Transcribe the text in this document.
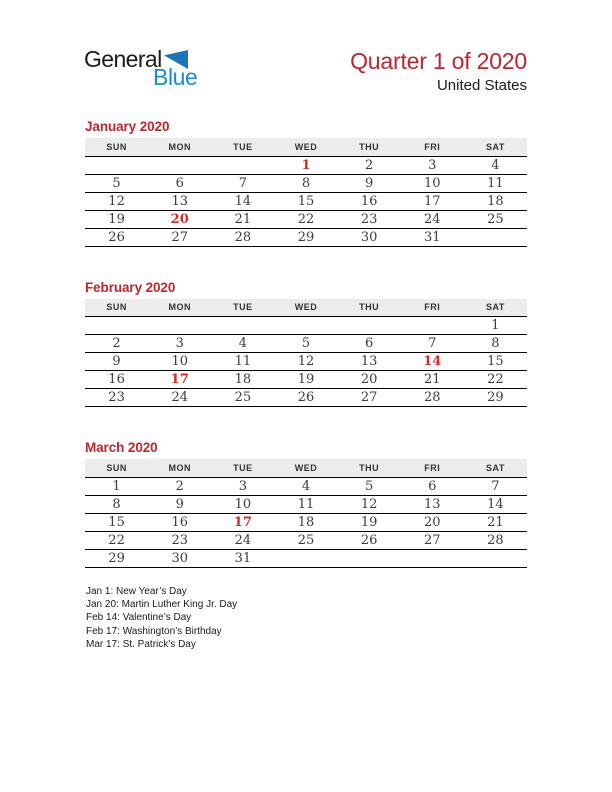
General
Blue
Quarter 1 of 2020
United States
January 2020
SUN	MON	TUE	WED	THU	FRI	SAT
			1	2	3	4
5	6	7	8	9	10	11
12	13	14	15	16	17	18
19	20	21	22	23	24	25
26	27	28	29	30	31	
February 2020
SUN	MON	TUE	WED	THU	FRI	SAT
						1
2	3	4	5	6	7	8
9	10	11	12	13	14	15
16	17	18	19	20	21	22
23	24	25	26	27	28	29
March 2020
SUN	MON	TUE	WED	THU	FRI	SAT
1	2	3	4	5	6	7
8	9	10	11	12	13	14
15	16	17	18	19	20	21
22	23	24	25	26	27	28
29	30	31				
Jan 1: New Year’s Day
Jan 20: Martin Luther King Jr. Day
Feb 14: Valentine’s Day
Feb 17: Washington’s Birthday
Mar 17: St. Patrick’s Day
